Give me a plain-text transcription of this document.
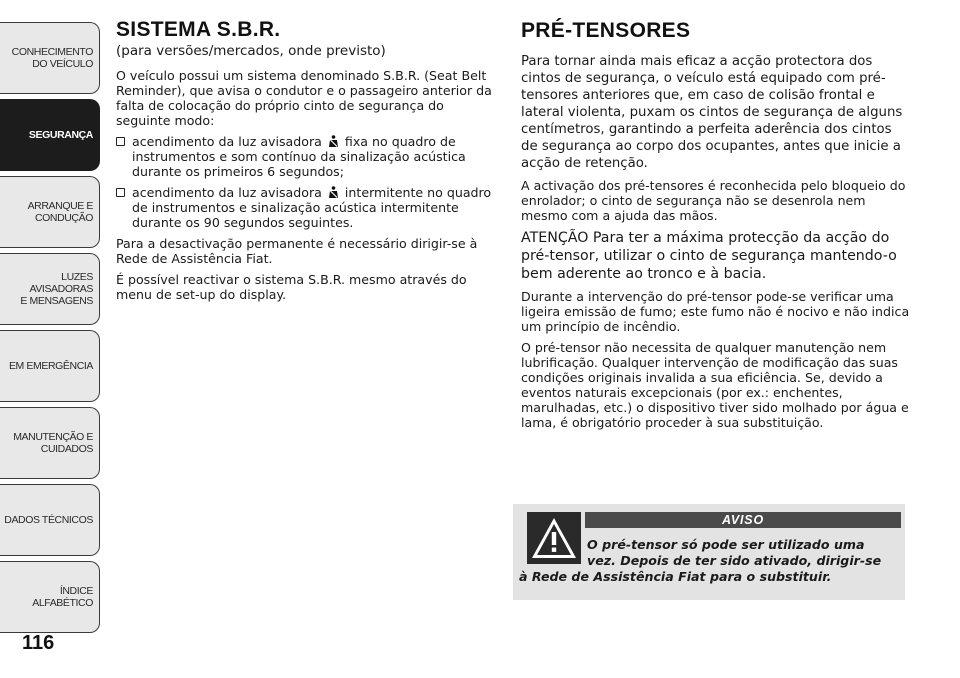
CONHECIMENTO
DO VEÍCULO
SEGURANÇA
ARRANQUE E
CONDUÇÃO
LUZES AVISADORAS
E MENSAGENS
EM EMERGÊNCIA
MANUTENÇÃO E
CUIDADOS
DADOS TÉCNICOS
ÍNDICE ALFABÉTICO
116
SISTEMA S.B.R.
(para versões/mercados, onde previsto)

O veículo possui um sistema denominado S.B.R. (Seat Belt Reminder), que avisa o condutor e o passageiro anterior da falta de colocação do próprio cinto de segurança do seguinte modo:

acendimento da luz avisadora fixa no quadro de instrumentos e som contínuo da sinalização acústica durante os primeiros 6 segundos;
acendimento da luz avisadora intermitente no quadro de instrumentos e sinalização acústica intermitente durante os 90 segundos seguintes.

Para a desactivação permanente é necessário dirigir-se à Rede de Assistência Fiat.

É possível reactivar o sistema S.B.R. mesmo através do menu de set-up do display.

PRÉ-TENSORES

Para tornar ainda mais eficaz a acção protectora dos cintos de segurança, o veículo está equipado com pré-tensores anteriores que, em caso de colisão frontal e lateral violenta, puxam os cintos de segurança de alguns centímetros, garantindo a perfeita aderência dos cintos de segurança ao corpo dos ocupantes, antes que inicie a acção de retenção.

A activação dos pré-tensores é reconhecida pelo bloqueio do enrolador; o cinto de segurança não se desenrola nem mesmo com a ajuda das mãos.

ATENÇÃO Para ter a máxima protecção da acção do pré-tensor, utilizar o cinto de segurança mantendo-o bem aderente ao tronco e à bacia.

Durante a intervenção do pré-tensor pode-se verificar uma ligeira emissão de fumo; este fumo não é nocivo e não indica um princípio de incêndio.

O pré-tensor não necessita de qualquer manutenção nem lubrificação. Qualquer intervenção de modificação das suas condições originais invalida a sua eficiência. Se, devido a eventos naturais excepcionais (por ex.: enchentes, marulhadas, etc.) o dispositivo tiver sido molhado por água e lama, é obrigatório proceder à sua substituição.

AVISO
O pré-tensor só pode ser utilizado uma
vez. Depois de ter sido ativado, dirigir-se
à Rede de Assistência Fiat para o substituir.
